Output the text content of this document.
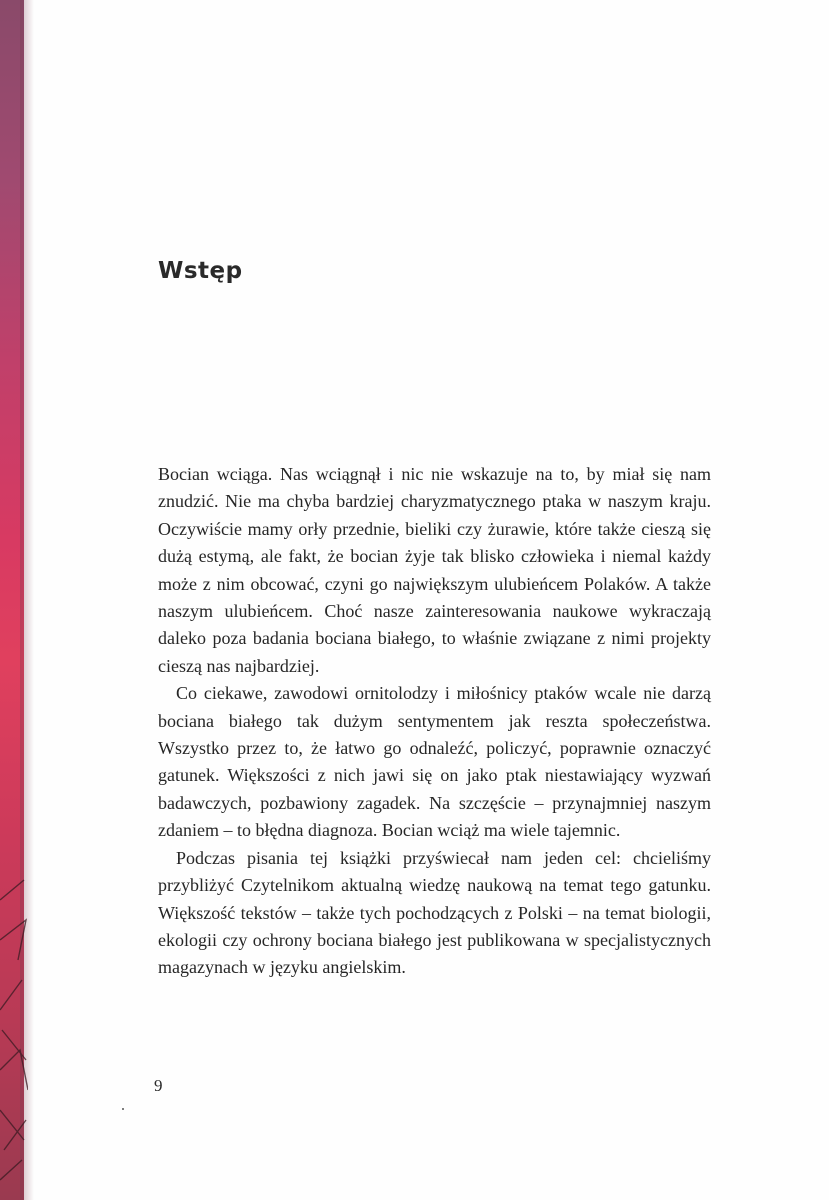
Wstęp

Bocian wciąga. Nas wciągnął i nic nie wskazuje na to, by miał się nam znudzić. Nie ma chyba bardziej charyzmatycznego ptaka w naszym kraju. Oczywiście mamy orły przednie, bieliki czy żurawie, które także cieszą się dużą estymą, ale fakt, że bocian żyje tak blisko człowieka i niemal każdy może z nim obcować, czyni go największym ulubieńcem Polaków. A także naszym ulubieńcem. Choć nasze zainteresowania naukowe wykraczają daleko poza badania bociana białego, to właśnie związane z nimi projekty cieszą nas najbardziej.

Co ciekawe, zawodowi ornitolodzy i miłośnicy ptaków wcale nie darzą bociana białego tak dużym sentymentem jak reszta społeczeństwa. Wszystko przez to, że łatwo go odnaleźć, policzyć, poprawnie oznaczyć gatunek. Większości z nich jawi się on jako ptak niestawiający wyzwań badawczych, pozbawiony zagadek. Na szczęście – przynajmniej naszym zdaniem – to błędna diagnoza. Bocian wciąż ma wiele tajemnic.

Podczas pisania tej książki przyświecał nam jeden cel: chcieliśmy przybliżyć Czytelnikom aktualną wiedzę naukową na temat tego gatunku. Większość tekstów – także tych pochodzących z Polski – na temat biologii, ekologii czy ochrony bociana białego jest publikowana w specjalistycznych magazynach w języku angielskim.

9
